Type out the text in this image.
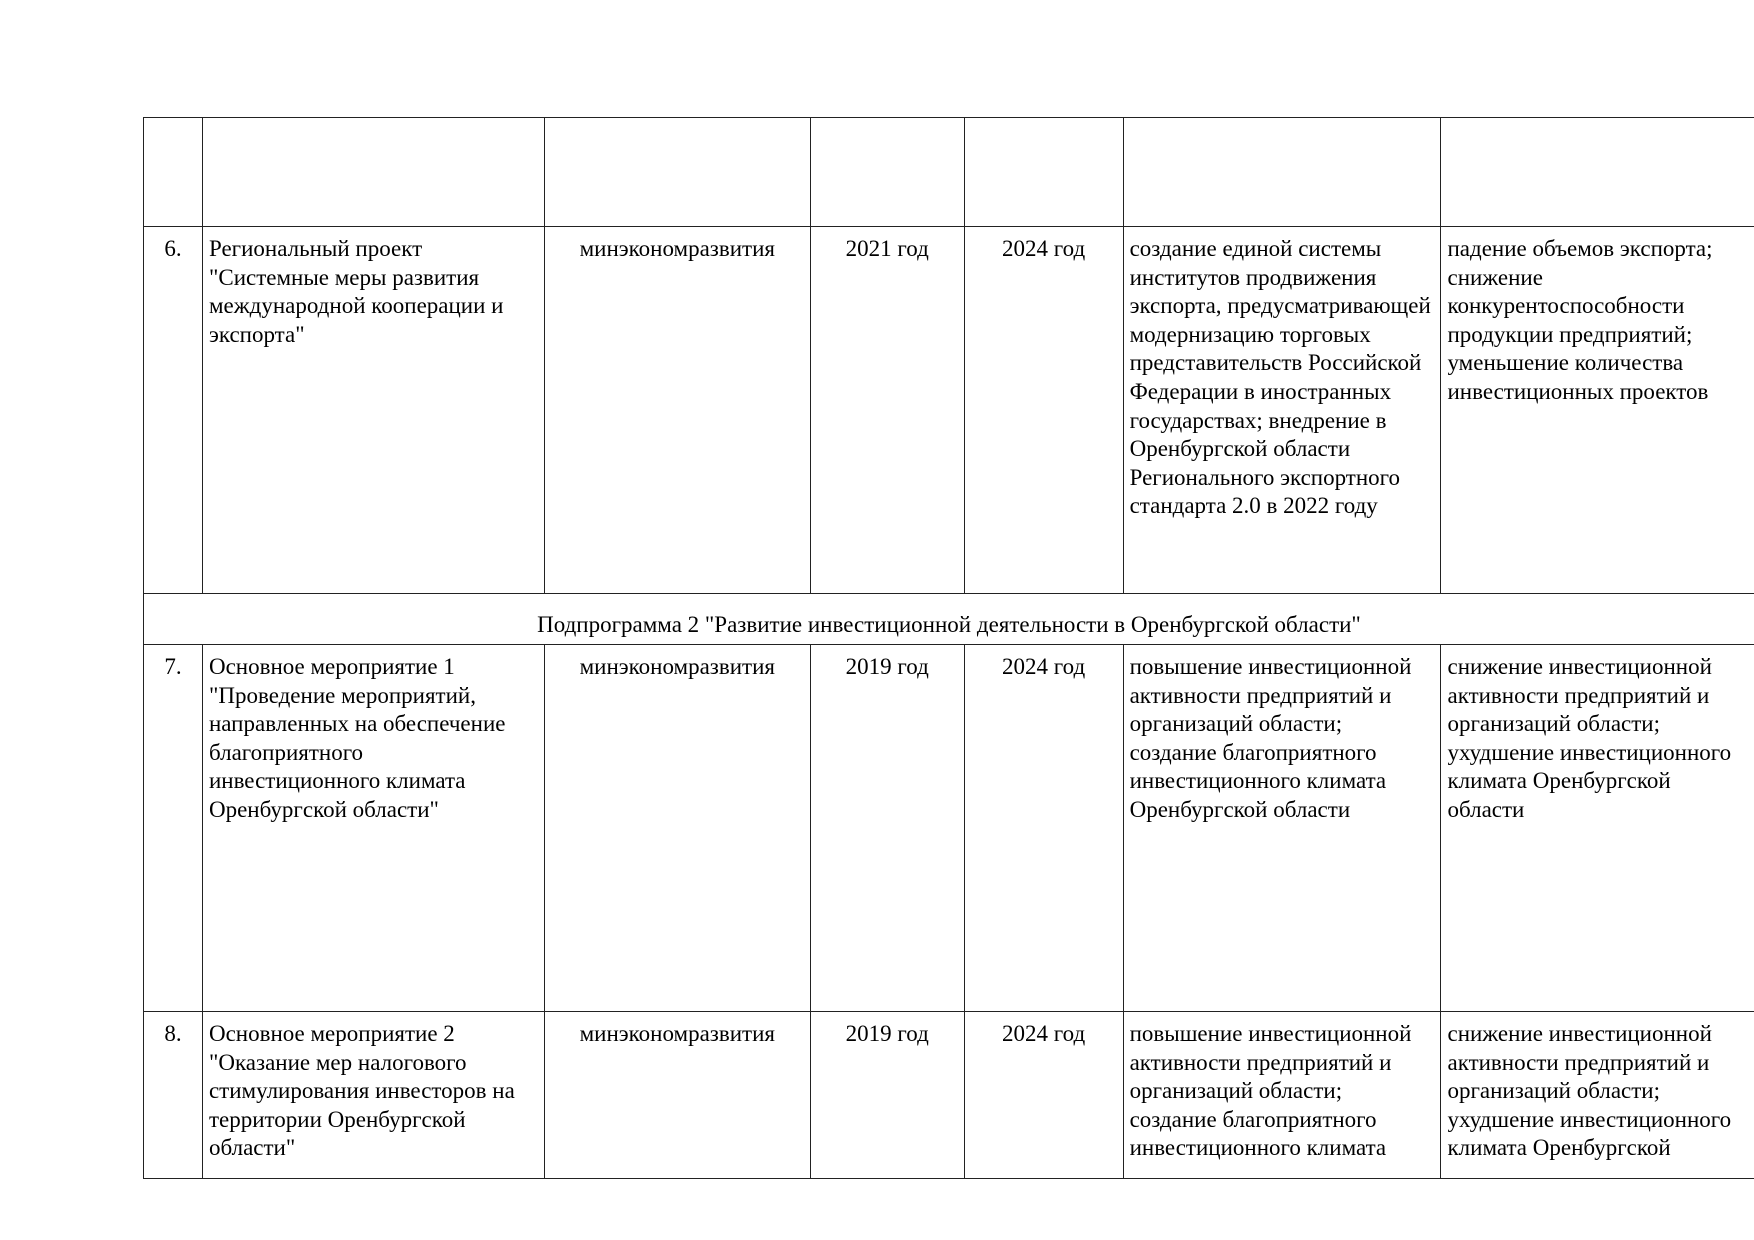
6.	Региональный проект "Системные меры развития международной кооперации и экспорта"	минэкономразвития	2021 год	2024 год	создание единой системы институтов продвижения экспорта, предусматривающей модернизацию торговых представительств Российской Федерации в иностранных государствах; внедрение в Оренбургской области Регионального экспортного стандарта 2.0 в 2022 году	падение объемов экспорта; снижение конкурентоспособности продукции предприятий; уменьшение количества инвестиционных проектов
Подпрограмма 2 "Развитие инвестиционной деятельности в Оренбургской области"						
7.	Основное мероприятие 1 "Проведение мероприятий, направленных на обеспечение благоприятного инвестиционного климата Оренбургской области"	минэкономразвития	2019 год	2024 год	повышение инвестиционной активности предприятий и организаций области; создание благоприятного инвестиционного климата Оренбургской области	снижение инвестиционной активности предприятий и организаций области; ухудшение инвестиционного климата Оренбургской области
8.	Основное мероприятие 2 "Оказание мер налогового стимулирования инвесторов на территории Оренбургской области"	минэкономразвития	2019 год	2024 год	повышение инвестиционной активности предприятий и организаций области; создание благоприятного инвестиционного климата	снижение инвестиционной активности предприятий и организаций области; ухудшение инвестиционного климата Оренбургской
